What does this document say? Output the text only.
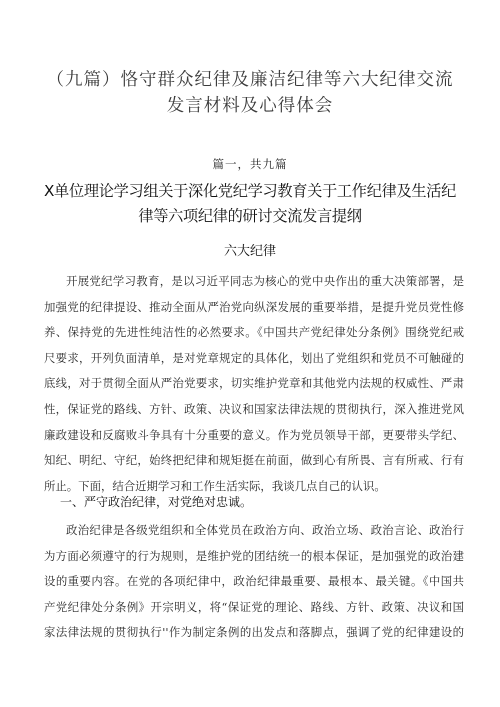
（九篇）恪守群众纪律及廉洁纪律等六大纪律交流
发言材料及心得体会
篇一，共九篇
X单位理论学习组关于深化党纪学习教育关于工作纪律及生活纪
律等六项纪律的研讨交流发言提纲
六大纪律
开展党纪学习教育，是以习近平同志为核心的党中央作出的重大决策部署，是
加强党的纪律提设、推动全面从严治党向纵深发展的重要举措，是提升党员党性修
养、保持党的先进性纯洁性的必然要求。《中国共产党纪律处分条例》围绕党纪戒
尺要求，开列负面清单，是对党章规定的具体化，划出了党组织和党员不可触碰的
底线，对于贯彻全面从严治党要求，切实维护党章和其他党内法规的权威性、严肃
性，保证党的路线、方针、政策、决议和国家法律法规的贯彻执行，深入推进党风
廉政建设和反腐败斗争具有十分重要的意义。作为党员领导干部，更要带头学纪、
知纪、明纪、守纪，始终把纪律和规矩挺在前面，做到心有所畏、言有所戒、行有
所止。下面，结合近期学习和工作生活实际，我谈几点自己的认识。
一、严守政治纪律，对党绝对忠诚。
政治纪律是各级党组织和全体党员在政治方向、政治立场、政治言论、政治行
为方面必须遵守的行为规则，是维护党的团结统一的根本保证，是加强党的政治建
设的重要内容。在党的各项纪律中，政治纪律最重要、最根本、最关键。《中国共
产党纪律处分条例》开宗明义，将“保证党的理论、路线、方针、政策、决议和国
家法律法规的贯彻执行''作为制定条例的出发点和落脚点，强调了党的纪律建设的
